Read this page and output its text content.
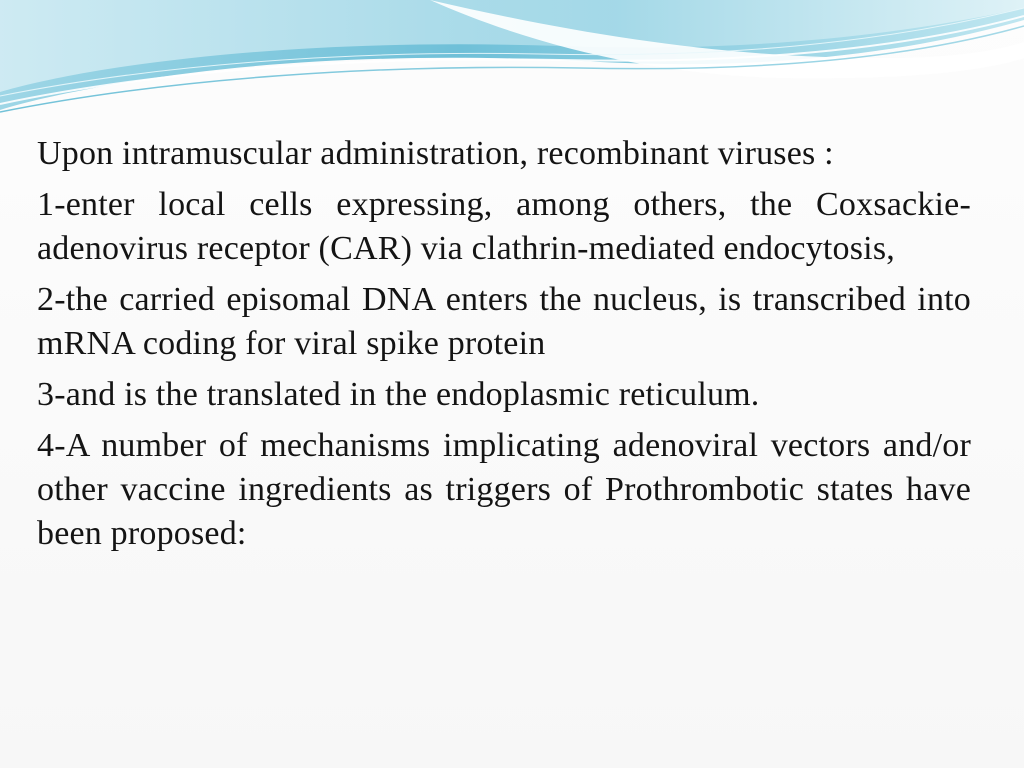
Upon intramuscular administration, recombinant viruses :

1-enter local cells expressing, among others, the Coxsackie-adenovirus receptor (CAR) via clathrin-mediated endocytosis,

2-the carried episomal DNA enters the nucleus, is transcribed into mRNA coding for viral spike protein

3-and is the translated in the endoplasmic reticulum.

4-A number of mechanisms implicating adenoviral vectors and/or other vaccine ingredients as triggers of Prothrombotic states have been proposed:
